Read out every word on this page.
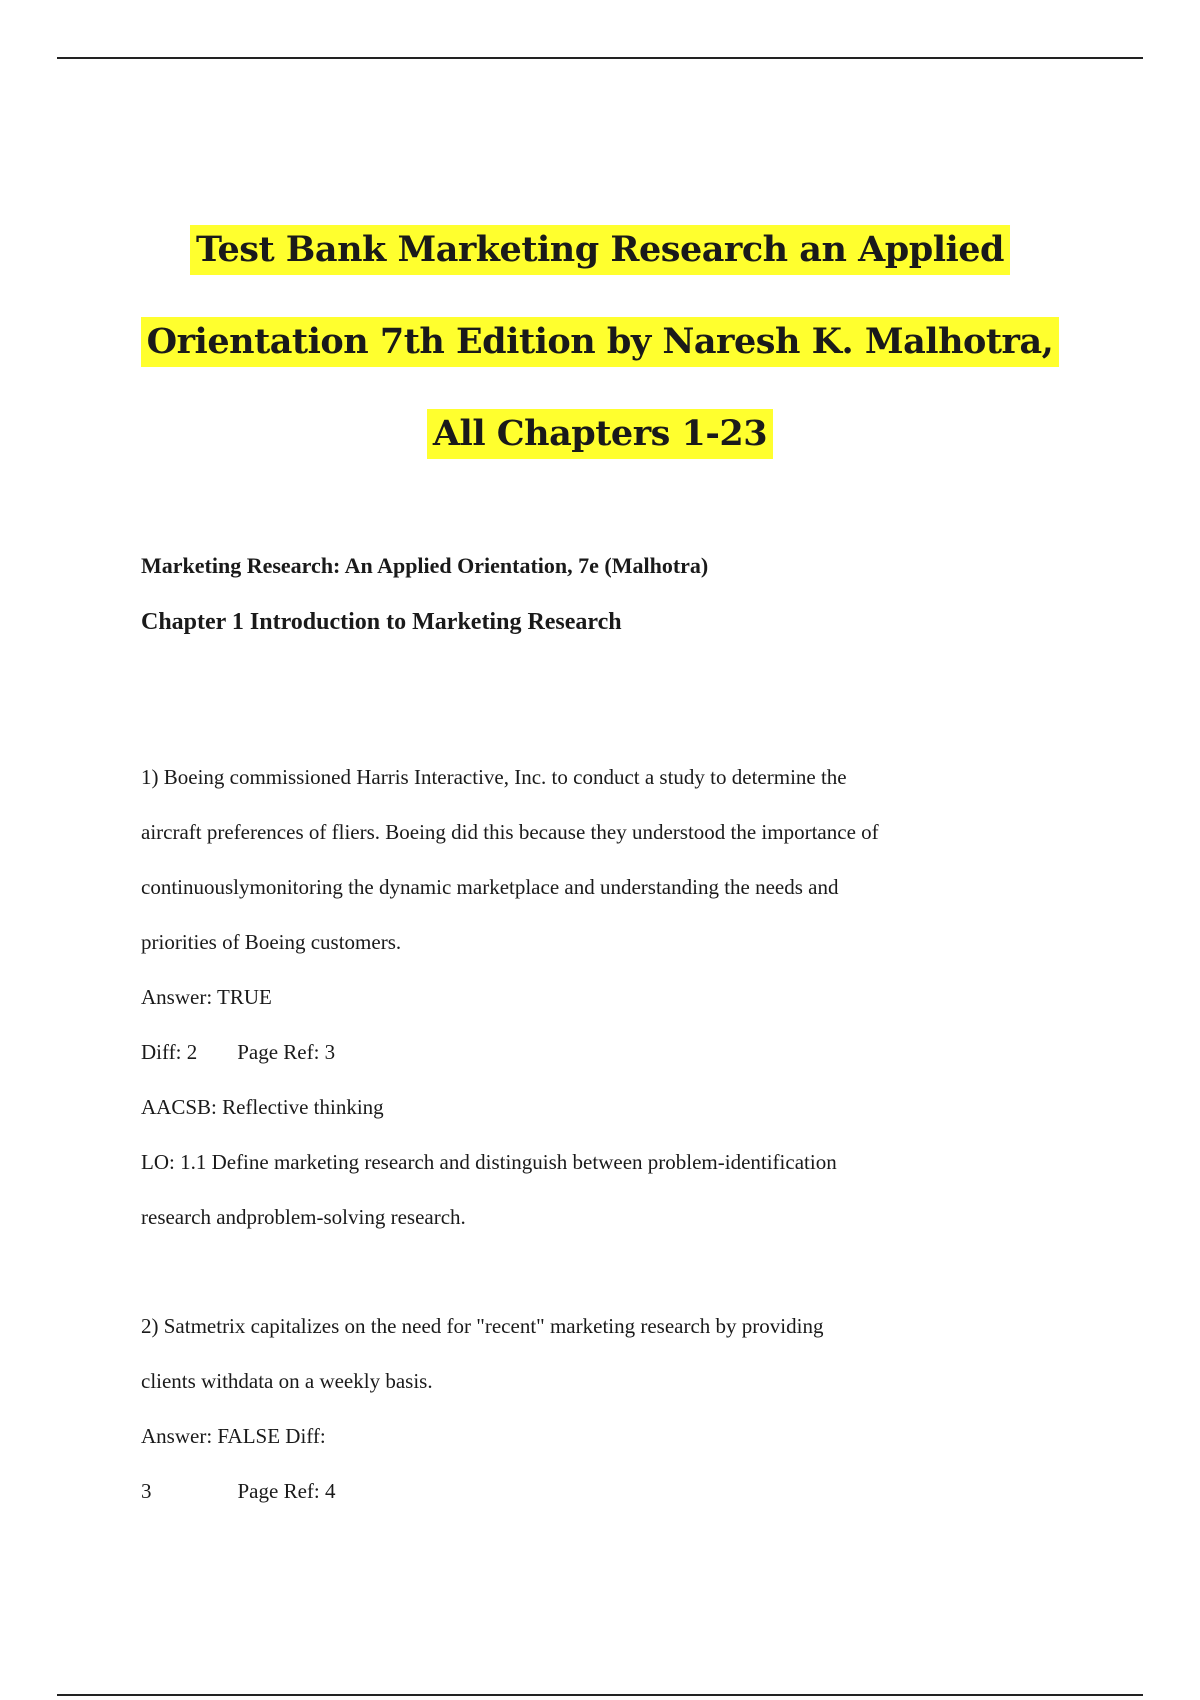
Test Bank Marketing Research an Applied
Orientation 7th Edition by Naresh K. Malhotra,
All Chapters 1-23
Marketing Research: An Applied Orientation, 7e (Malhotra)
Chapter 1 Introduction to Marketing Research
1) Boeing commissioned Harris Interactive, Inc. to conduct a study to determine the
aircraft preferences of fliers. Boeing did this because they understood the importance of
continuouslymonitoring the dynamic marketplace and understanding the needs and
priorities of Boeing customers.
Answer: TRUE
Diff: 2 Page Ref: 3
AACSB: Reflective thinking
LO: 1.1 Define marketing research and distinguish between problem-identification
research andproblem-solving research.
2) Satmetrix capitalizes on the need for "recent" marketing research by providing
clients withdata on a weekly basis.
Answer: FALSE Diff:
3	Page Ref: 4
